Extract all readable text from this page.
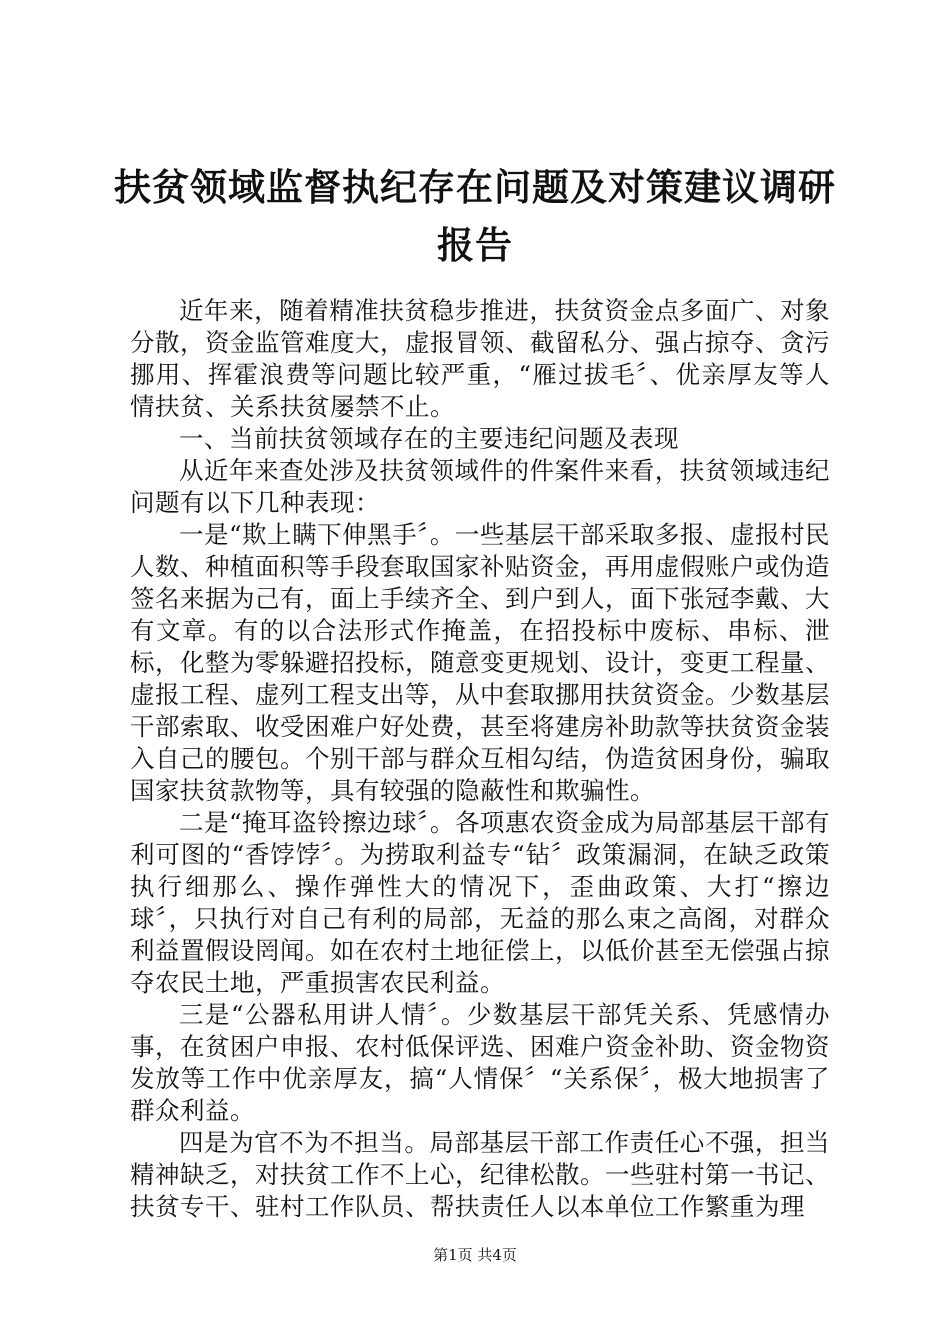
扶贫领域监督执纪存在问题及对策建议调研报告

近年来，随着精准扶贫稳步推进，扶贫资金点多面广、对象分散，资金监管难度大，虚报冒领、截留私分、强占掠夺、贪污挪用、挥霍浪费等问题比较严重，“雁过拔毛〞、优亲厚友等人情扶贫、关系扶贫屡禁不止。

一、当前扶贫领域存在的主要违纪问题及表现

从近年来查处涉及扶贫领域件的件案件来看，扶贫领域违纪问题有以下几种表现：

一是“欺上瞒下伸黑手〞。一些基层干部采取多报、虚报村民人数、种植面积等手段套取国家补贴资金，再用虚假账户或伪造签名来据为己有，面上手续齐全、到户到人，面下张冠李戴、大有文章。有的以合法形式作掩盖，在招投标中废标、串标、泄标，化整为零躲避招投标，随意变更规划、设计，变更工程量、虚报工程、虚列工程支出等，从中套取挪用扶贫资金。少数基层干部索取、收受困难户好处费，甚至将建房补助款等扶贫资金装入自己的腰包。个别干部与群众互相勾结，伪造贫困身份，骗取国家扶贫款物等，具有较强的隐蔽性和欺骗性。

二是“掩耳盗铃擦边球〞。各项惠农资金成为局部基层干部有利可图的“香饽饽〞。为捞取利益专“钻〞政策漏洞，在缺乏政策执行细那么、操作弹性大的情况下，歪曲政策、大打“擦边球〞，只执行对自己有利的局部，无益的那么束之高阁，对群众利益置假设罔闻。如在农村土地征偿上，以低价甚至无偿强占掠夺农民土地，严重损害农民利益。

三是“公器私用讲人情〞。少数基层干部凭关系、凭感情办事，在贫困户申报、农村低保评选、困难户资金补助、资金物资发放等工作中优亲厚友，搞“人情保〞“关系保〞，极大地损害了群众利益。

四是为官不为不担当。局部基层干部工作责任心不强，担当精神缺乏，对扶贫工作不上心，纪律松散。一些驻村第一书记、扶贫专干、驻村工作队员、帮扶责任人以本单位工作繁重为理

第1页 共4页
